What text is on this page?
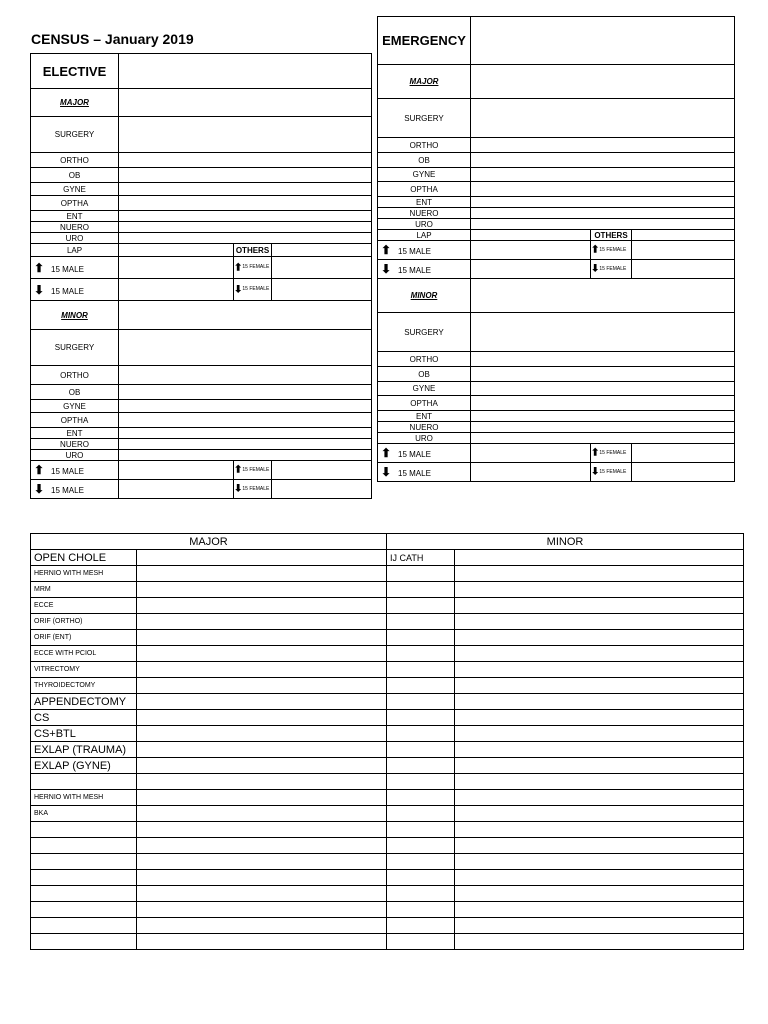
CENSUS – January 2019
ELECTIVE			
MAJOR			
SURGERY			
ORTHO			
OB			
GYNE			
OPTHA			
ENT			
NUERO			
URO			
LAP		OTHERS	
⬆ 15 MALE		⬆15 FEMALE	
⬇ 15 MALE		⬇15 FEMALE	
MINOR			
SURGERY			
ORTHO			
OB			
GYNE			
OPTHA			
ENT			
NUERO			
URO			
⬆ 15 MALE		⬆15 FEMALE	
⬇ 15 MALE		⬇15 FEMALE	
EMERGENCY			
MAJOR			
SURGERY			
ORTHO			
OB			
GYNE			
OPTHA			
ENT			
NUERO			
URO			
LAP		OTHERS	
⬆ 15 MALE		⬆15 FEMALE	
⬇ 15 MALE		⬇15 FEMALE	
MINOR			
SURGERY			
ORTHO			
OB			
GYNE			
OPTHA			
ENT			
NUERO			
URO			
⬆ 15 MALE		⬆15 FEMALE	
⬇ 15 MALE		⬇15 FEMALE	
MAJOR		MINOR	
OPEN CHOLE		IJ CATH	
HERNIO WITH MESH			
MRM			
ECCE			
ORIF (ORTHO)			
ORIF (ENT)			
ECCE WITH PCIOL			
VITRECTOMY			
THYROIDECTOMY			
APPENDECTOMY			
CS			
CS+BTL			
EXLAP (TRAUMA)			
EXLAP (GYNE)			

HERNIO WITH MESH			
BKA			
